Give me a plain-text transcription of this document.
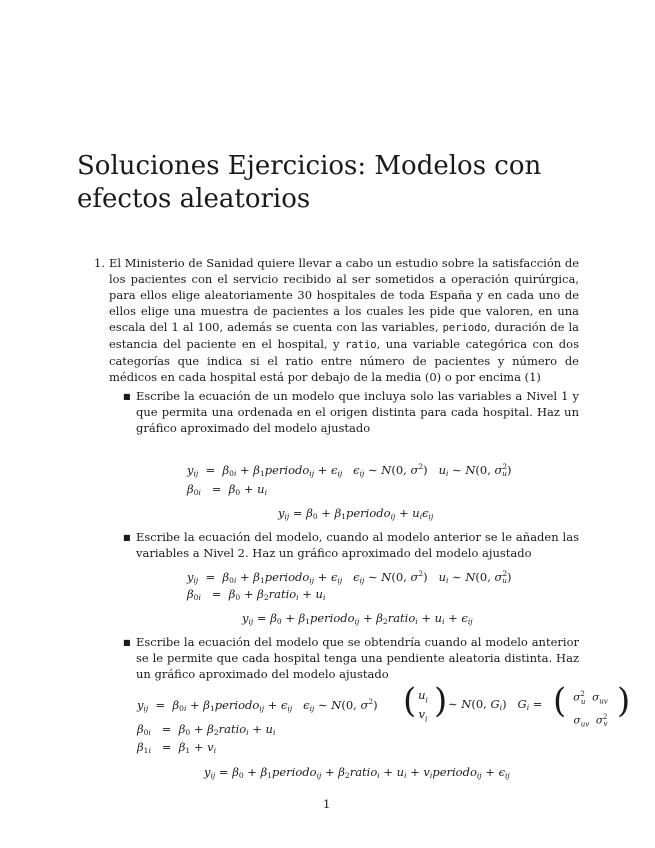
Soluciones Ejercicios: Modelos con
efectos aleatorios
1. El Ministerio de Sanidad quiere llevar a cabo un estudio sobre la satisfacción de los pacientes con el servicio recibido al ser sometidos a operación quirúrgica, para ellos elige aleatoriamente 30 hospitales de toda España y en cada uno de ellos elige una muestra de pacientes a los cuales les pide que valoren, en una escala del 1 al 100, además se cuenta con las variables, periodo, duración de la estancia del paciente en el hospital, y ratio, una variable categórica con dos categorías que indica si el ratio entre número de pacientes y número de médicos en cada hospital está por debajo de la media (0) o por encima (1)

■ Escribe la ecuación de un modelo que incluya solo las variables a Nivel 1 y que permita una ordenada en el origen distinta para cada hospital. Haz un gráfico aproximado del modelo ajustado

$y_{ij} = \beta_{0i}$ + $\beta_1periodo_{ij} + \epsilon_{ij}$ $\epsilon_{ij}$ ∼ N(0, $\sigma^2$)   $u_i$ ∼ N(0, $\sigma^2_u$)
$\beta_{0i} = \beta_0 + u_i$
$y_{ij} = \beta_0$ + $\beta_1periodo_{ij} + u_i\epsilon_{ij}$
■ Escribe la ecuación del modelo, cuando al modelo anterior se le añaden las variables a Nivel 2. Haz un gráfico aproximado del modelo ajustado

$y_{ij} = \beta_{0i}$ + $\beta_1periodo_{ij} + \epsilon_{ij}$ $\epsilon_{ij}$ ∼ N(0, $\sigma^2$)   $u_i$ ∼ N(0, $\sigma^2_u$)
$\beta_{0i} = \beta_0$ + $\beta_2ratio_i + u_i$
$y_{ij} = \beta_0$ + $\beta_1periodo_{ij}$ + $\beta_2ratio_i + u_i + \epsilon_{ij}$
■ Escribe la ecuación del modelo que se obtendría cuando al modelo anterior se le permite que cada hospital tenga una pendiente aleatoria distinta. Haz un gráfico aproximado del modelo ajustado

$y_{ij} = \beta_{0i}$ + $\beta_1periodo_{ij} + \epsilon_{ij}$ $\epsilon_{ij}$ ∼ N(0, $\sigma^2$) ( $u_i$
$v_i$ ) ∼ N(0, $G_i$)   $G_i$ = ( $\sigma^2_u$ $\sigma_{uv}$
$\sigma_{uv}$ $\sigma^2_v$
)
$\beta_{0i} = \beta_0$ + $\beta_2ratio_i + u_i$
$\beta_{1i} = \beta_1 + v_i$
$y_{ij} = \beta_0$ + $\beta_1periodo_{ij}$ + $\beta_2ratio_i + u_i$ + $v_iperiodo_{ij} + \epsilon_{ij}$
1
